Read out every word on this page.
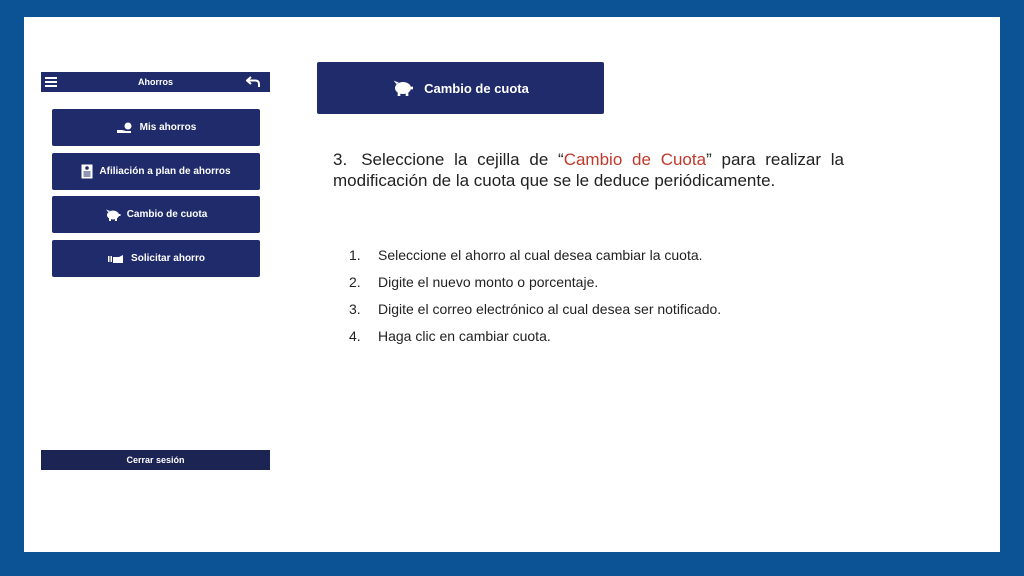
Ahorros
Mis ahorros
Afiliación a plan de ahorros
Cambio de cuota
Solicitar ahorro
Cerrar sesión
Cambio de cuota

3. Seleccione la cejilla de “Cambio de Cuota” para realizar la modificación de la cuota que se le deduce periódicamente.

1.	Seleccione el ahorro al cual desea cambiar la cuota.
2.	Digite el nuevo monto o porcentaje.
3.	Digite el correo electrónico al cual desea ser notificado.
4.	Haga clic en cambiar cuota.
